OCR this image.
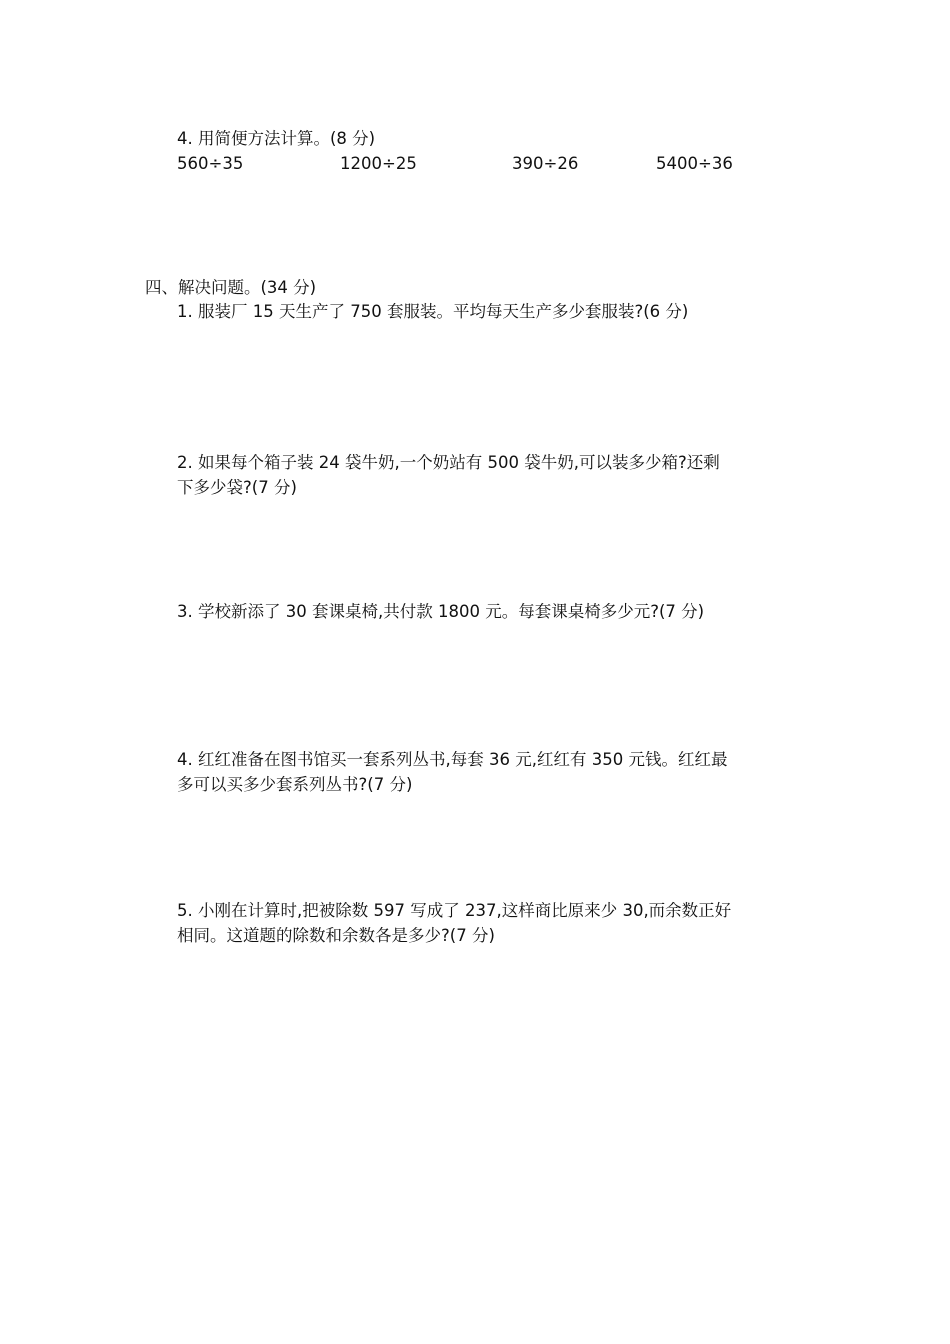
4. 用简便方法计算。(8 分)
560÷35	1200÷25	390÷26	5400÷36
四、解决问题。(34 分)
1. 服装厂 15 天生产了 750 套服装。平均每天生产多少套服装?(6 分)
2. 如果每个箱子装 24 袋牛奶,一个奶站有 500 袋牛奶,可以装多少箱?还剩
下多少袋?(7 分)
3. 学校新添了 30 套课桌椅,共付款 1800 元。每套课桌椅多少元?(7 分)
4. 红红准备在图书馆买一套系列丛书,每套 36 元,红红有 350 元钱。红红最
多可以买多少套系列丛书?(7 分)
5. 小刚在计算时,把被除数 597 写成了 237,这样商比原来少 30,而余数正好
相同。这道题的除数和余数各是多少?(7 分)
